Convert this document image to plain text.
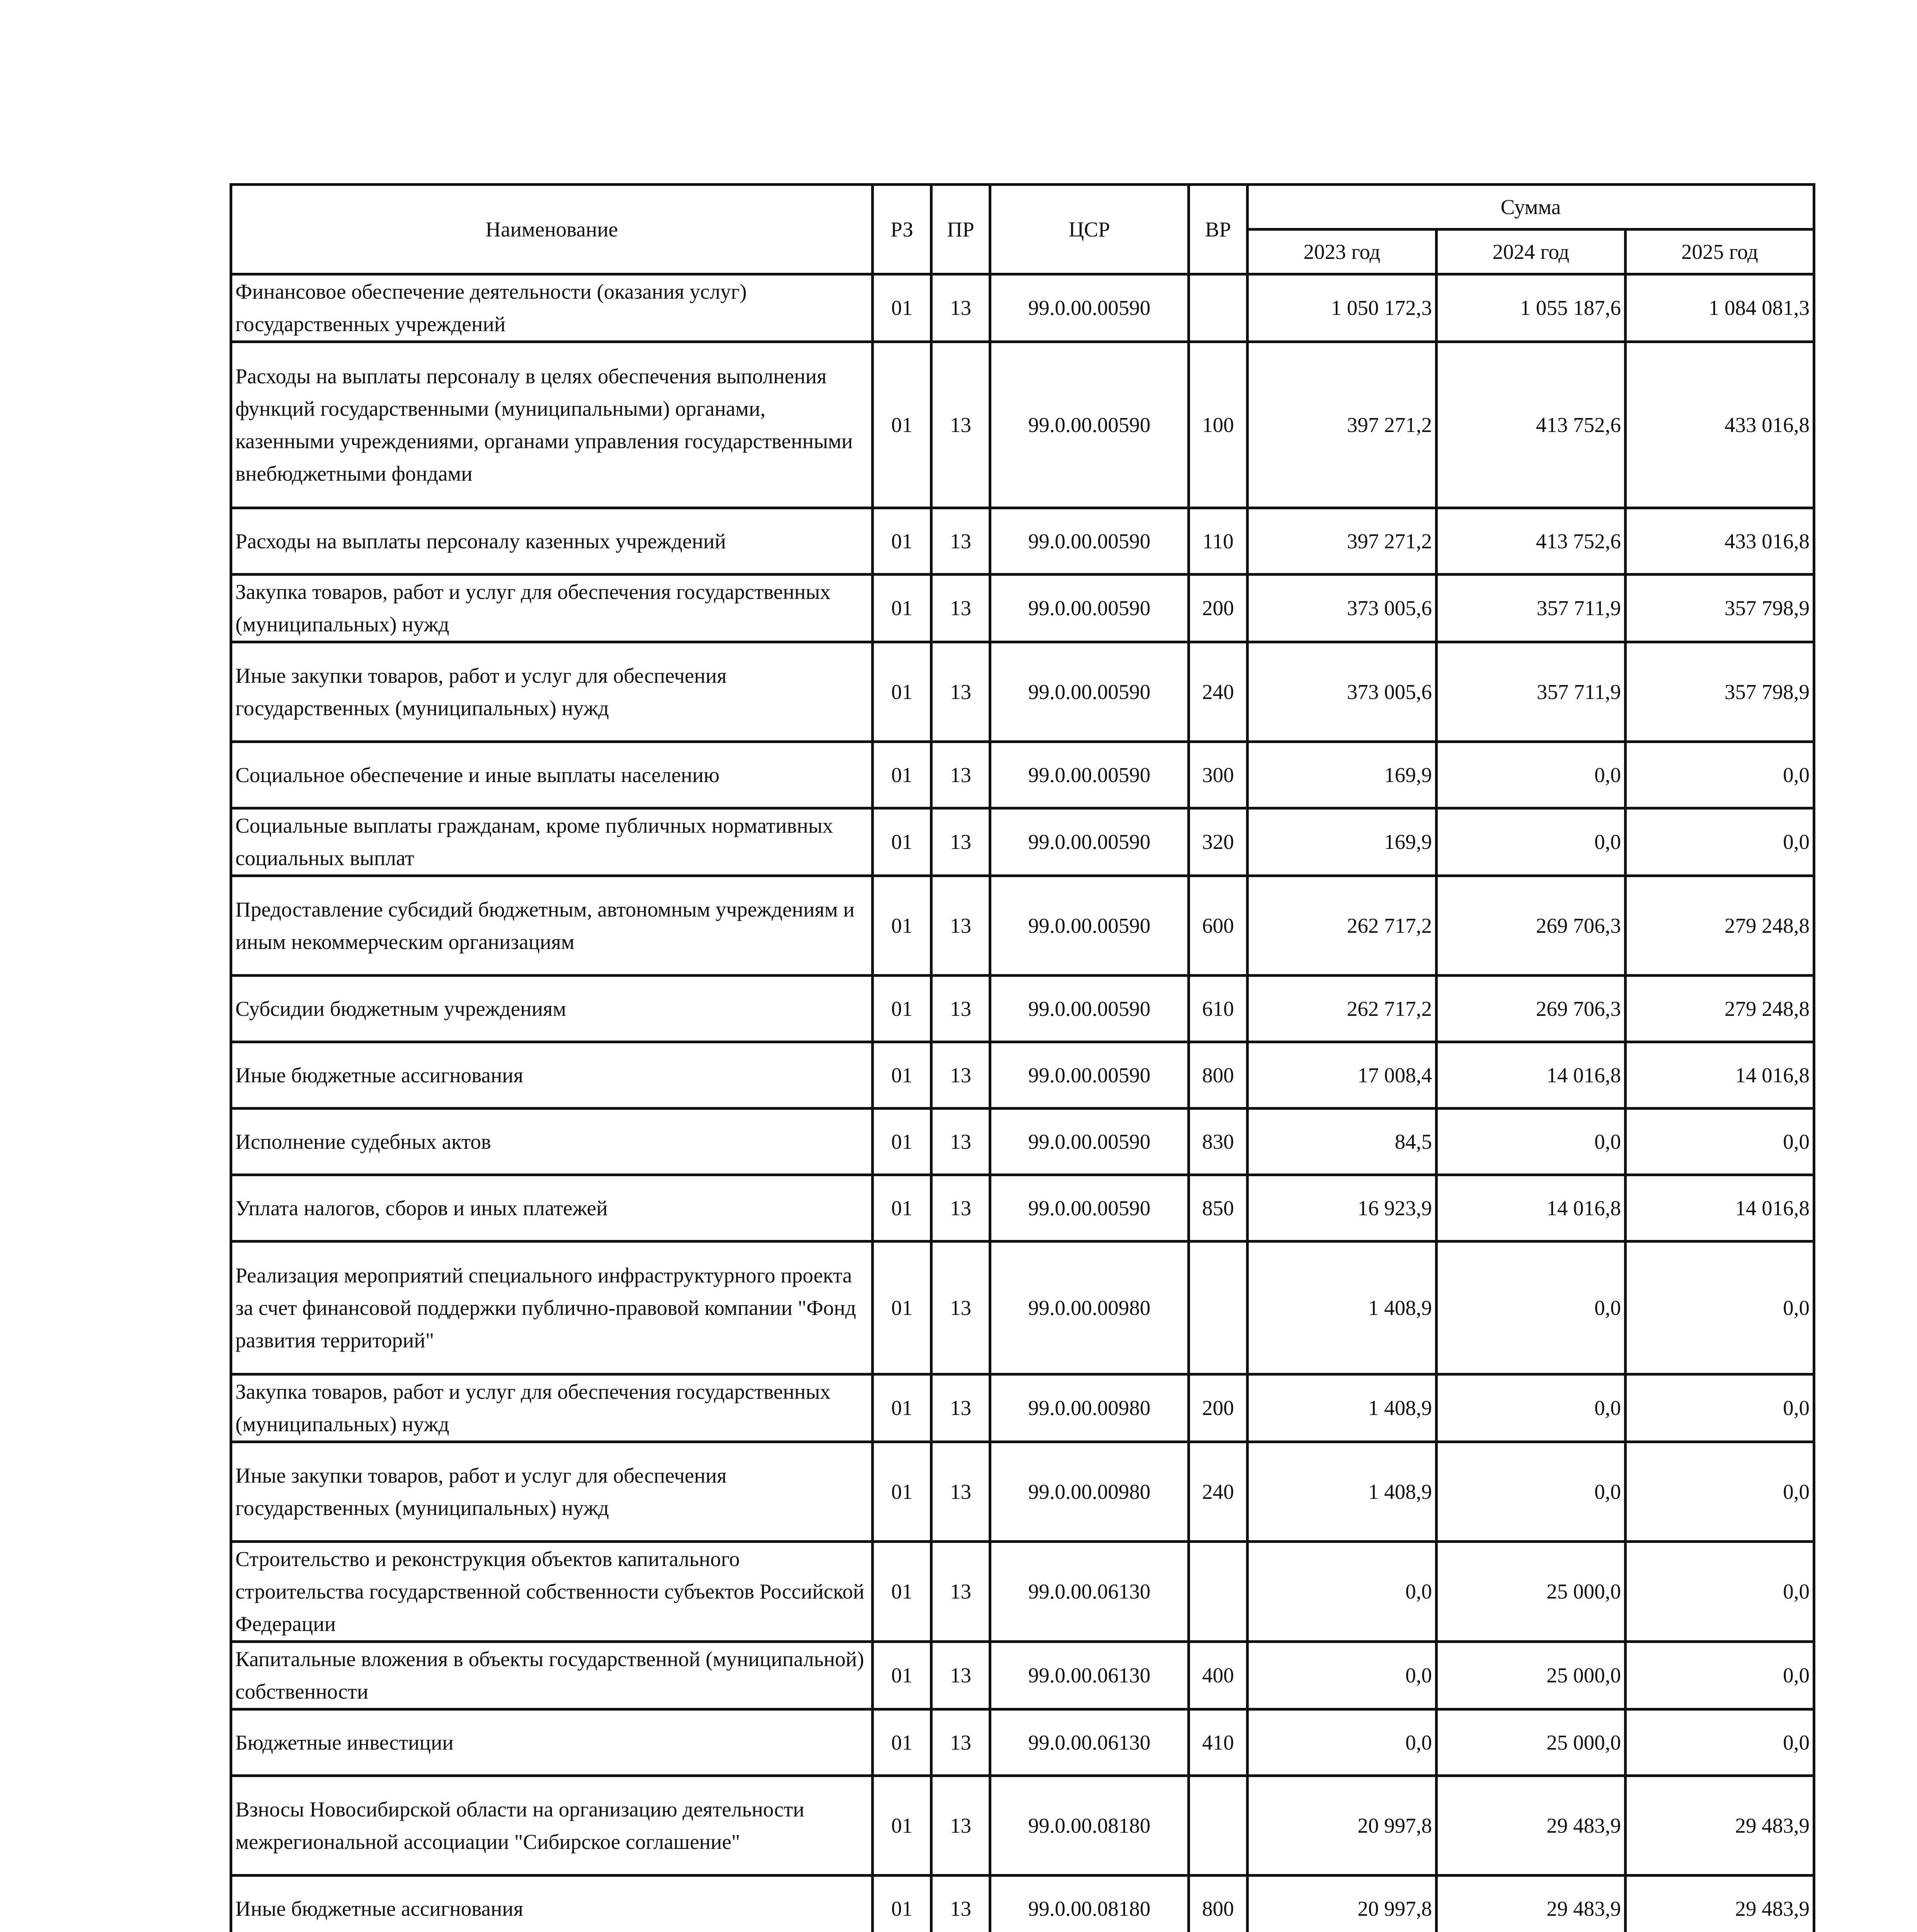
Наименование	РЗ	ПР	ЦСР	ВР	Сумма		
					2023 год	2024 год	2025 год
Финансовое обеспечение деятельности (оказания услуг) государственных учреждений	01	13	99.0.00.00590		1 050 172,3	1 055 187,6	1 084 081,3
Расходы на выплаты персоналу в целях обеспечения выполнения функций государственными (муниципальными) органами, казенными учреждениями, органами управления государственными внебюджетными фондами	01	13	99.0.00.00590	100	397 271,2	413 752,6	433 016,8
Расходы на выплаты персоналу казенных учреждений	01	13	99.0.00.00590	110	397 271,2	413 752,6	433 016,8
Закупка товаров, работ и услуг для обеспечения государственных (муниципальных) нужд	01	13	99.0.00.00590	200	373 005,6	357 711,9	357 798,9
Иные закупки товаров, работ и услуг для обеспечения государственных (муниципальных) нужд	01	13	99.0.00.00590	240	373 005,6	357 711,9	357 798,9
Социальное обеспечение и иные выплаты населению	01	13	99.0.00.00590	300	169,9	0,0	0,0
Социальные выплаты гражданам, кроме публичных нормативных социальных выплат	01	13	99.0.00.00590	320	169,9	0,0	0,0
Предоставление субсидий бюджетным, автономным учреждениям и иным некоммерческим организациям	01	13	99.0.00.00590	600	262 717,2	269 706,3	279 248,8
Субсидии бюджетным учреждениям	01	13	99.0.00.00590	610	262 717,2	269 706,3	279 248,8
Иные бюджетные ассигнования	01	13	99.0.00.00590	800	17 008,4	14 016,8	14 016,8
Исполнение судебных актов	01	13	99.0.00.00590	830	84,5	0,0	0,0
Уплата налогов, сборов и иных платежей	01	13	99.0.00.00590	850	16 923,9	14 016,8	14 016,8
Реализация мероприятий специального инфраструктурного проекта за счет финансовой поддержки публично-правовой компании "Фонд развития территорий"	01	13	99.0.00.00980		1 408,9	0,0	0,0
Закупка товаров, работ и услуг для обеспечения государственных (муниципальных) нужд	01	13	99.0.00.00980	200	1 408,9	0,0	0,0
Иные закупки товаров, работ и услуг для обеспечения государственных (муниципальных) нужд	01	13	99.0.00.00980	240	1 408,9	0,0	0,0
Строительство и реконструкция объектов капитального строительства государственной собственности субъектов Российской Федерации	01	13	99.0.00.06130		0,0	25 000,0	0,0
Капитальные вложения в объекты государственной (муниципальной) собственности	01	13	99.0.00.06130	400	0,0	25 000,0	0,0
Бюджетные инвестиции	01	13	99.0.00.06130	410	0,0	25 000,0	0,0
Взносы Новосибирской области на организацию деятельности межрегиональной ассоциации "Сибирское соглашение"	01	13	99.0.00.08180		20 997,8	29 483,9	29 483,9
Иные бюджетные ассигнования	01	13	99.0.00.08180	800	20 997,8	29 483,9	29 483,9
